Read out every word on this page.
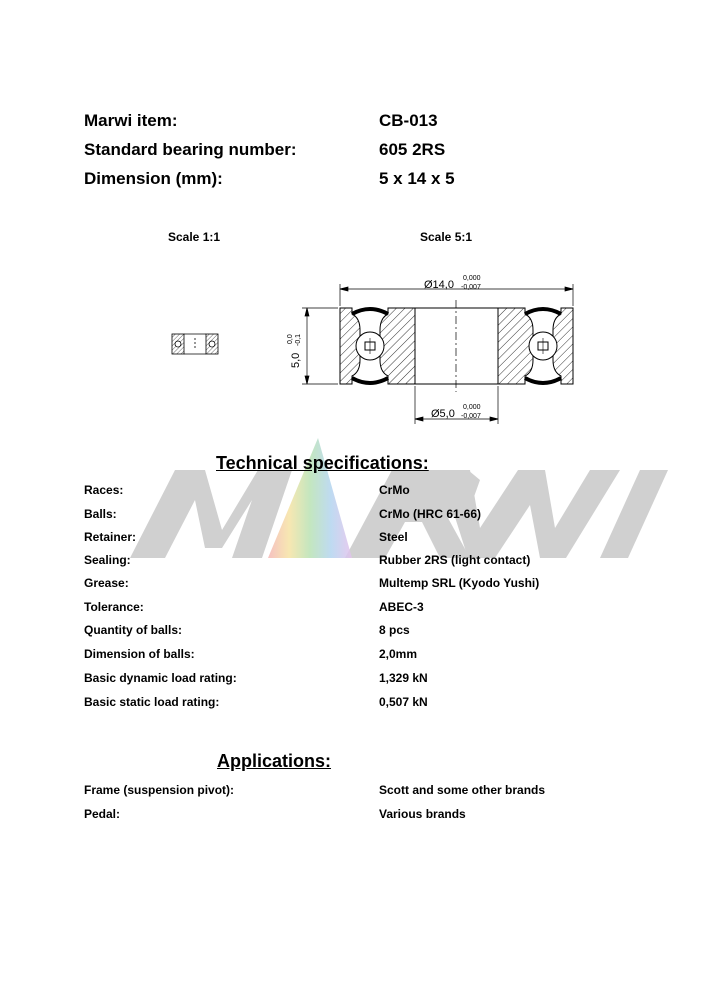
Marwi item:	CB-013
Standard bearing number:	605 2RS
Dimension (mm):	5 x 14 x 5
Scale 1:1	Scale 5:1
Ø14,0
0,000
-0,007
Ø5,0
0,000
-0,007
5,0
0,0 -0,1
Technical specifications:
Races:	CrMo
Balls:	CrMo (HRC 61-66)
Retainer:	Steel
Sealing:	Rubber 2RS (light contact)
Grease:	Multemp SRL (Kyodo Yushi)
Tolerance:	ABEC-3
Quantity of balls:	8 pcs
Dimension of balls:	2,0mm
Basic dynamic load rating:	1,329 kN
Basic static load rating:	0,507 kN
Applications:
Frame (suspension pivot):	Scott and some other brands
Pedal:	Various brands
